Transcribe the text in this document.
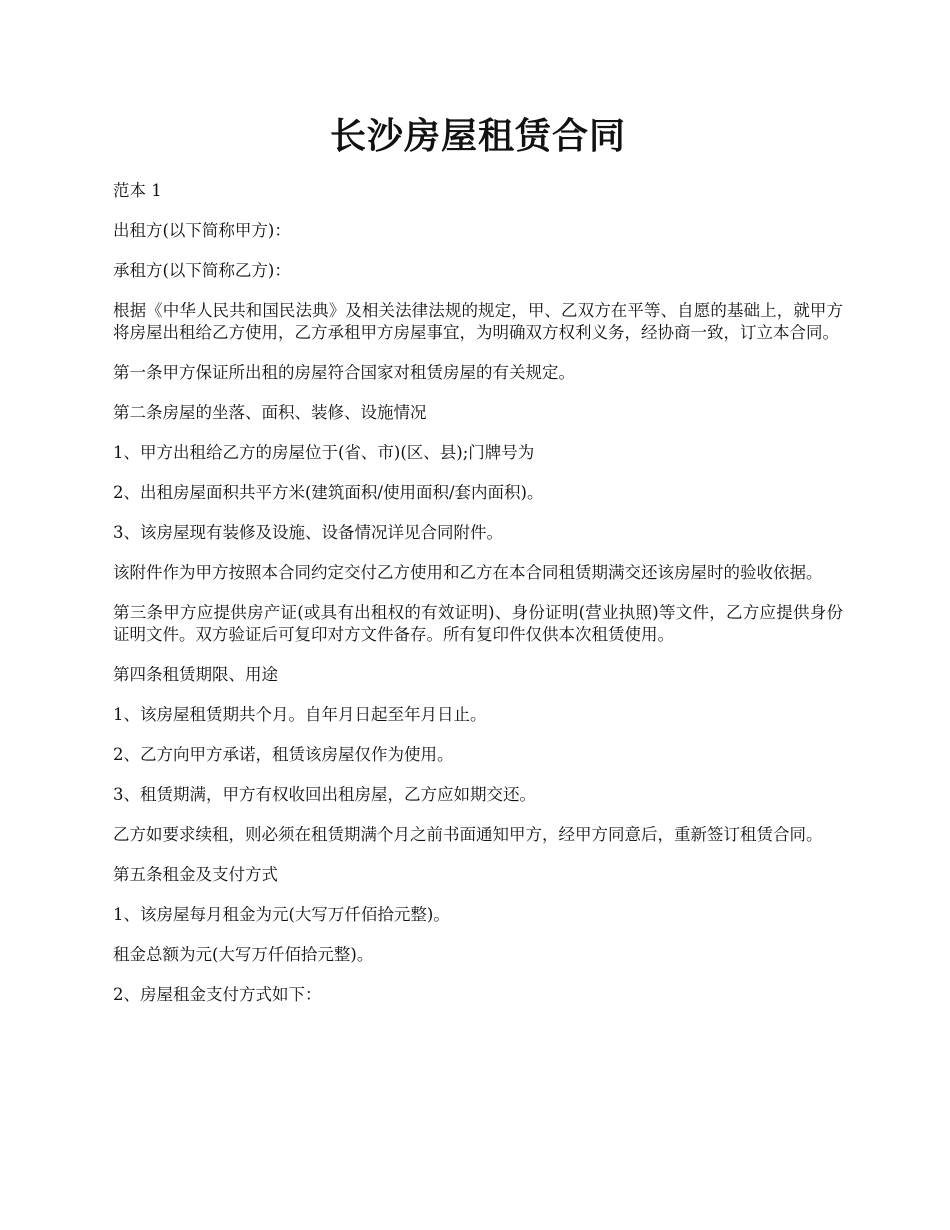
长沙房屋租赁合同

范本 1

出租方(以下简称甲方)：

承租方(以下简称乙方)：

根据《中华人民共和国民法典》及相关法律法规的规定，甲、乙双方在平等、自愿的基础上，就甲方将房屋出租给乙方使用，乙方承租甲方房屋事宜，为明确双方权利义务，经协商一致，订立本合同。

第一条甲方保证所出租的房屋符合国家对租赁房屋的有关规定。

第二条房屋的坐落、面积、装修、设施情况

1、甲方出租给乙方的房屋位于(省、市)(区、县);门牌号为

2、出租房屋面积共平方米(建筑面积/使用面积/套内面积)。

3、该房屋现有装修及设施、设备情况详见合同附件。

该附件作为甲方按照本合同约定交付乙方使用和乙方在本合同租赁期满交还该房屋时的验收依据。

第三条甲方应提供房产证(或具有出租权的有效证明)、身份证明(营业执照)等文件，乙方应提供身份证明文件。双方验证后可复印对方文件备存。所有复印件仅供本次租赁使用。

第四条租赁期限、用途

1、该房屋租赁期共个月。自年月日起至年月日止。

2、乙方向甲方承诺，租赁该房屋仅作为使用。

3、租赁期满，甲方有权收回出租房屋，乙方应如期交还。

乙方如要求续租，则必须在租赁期满个月之前书面通知甲方，经甲方同意后，重新签订租赁合同。

第五条租金及支付方式

1、该房屋每月租金为元(大写万仟佰拾元整)。

租金总额为元(大写万仟佰拾元整)。

2、房屋租金支付方式如下：
